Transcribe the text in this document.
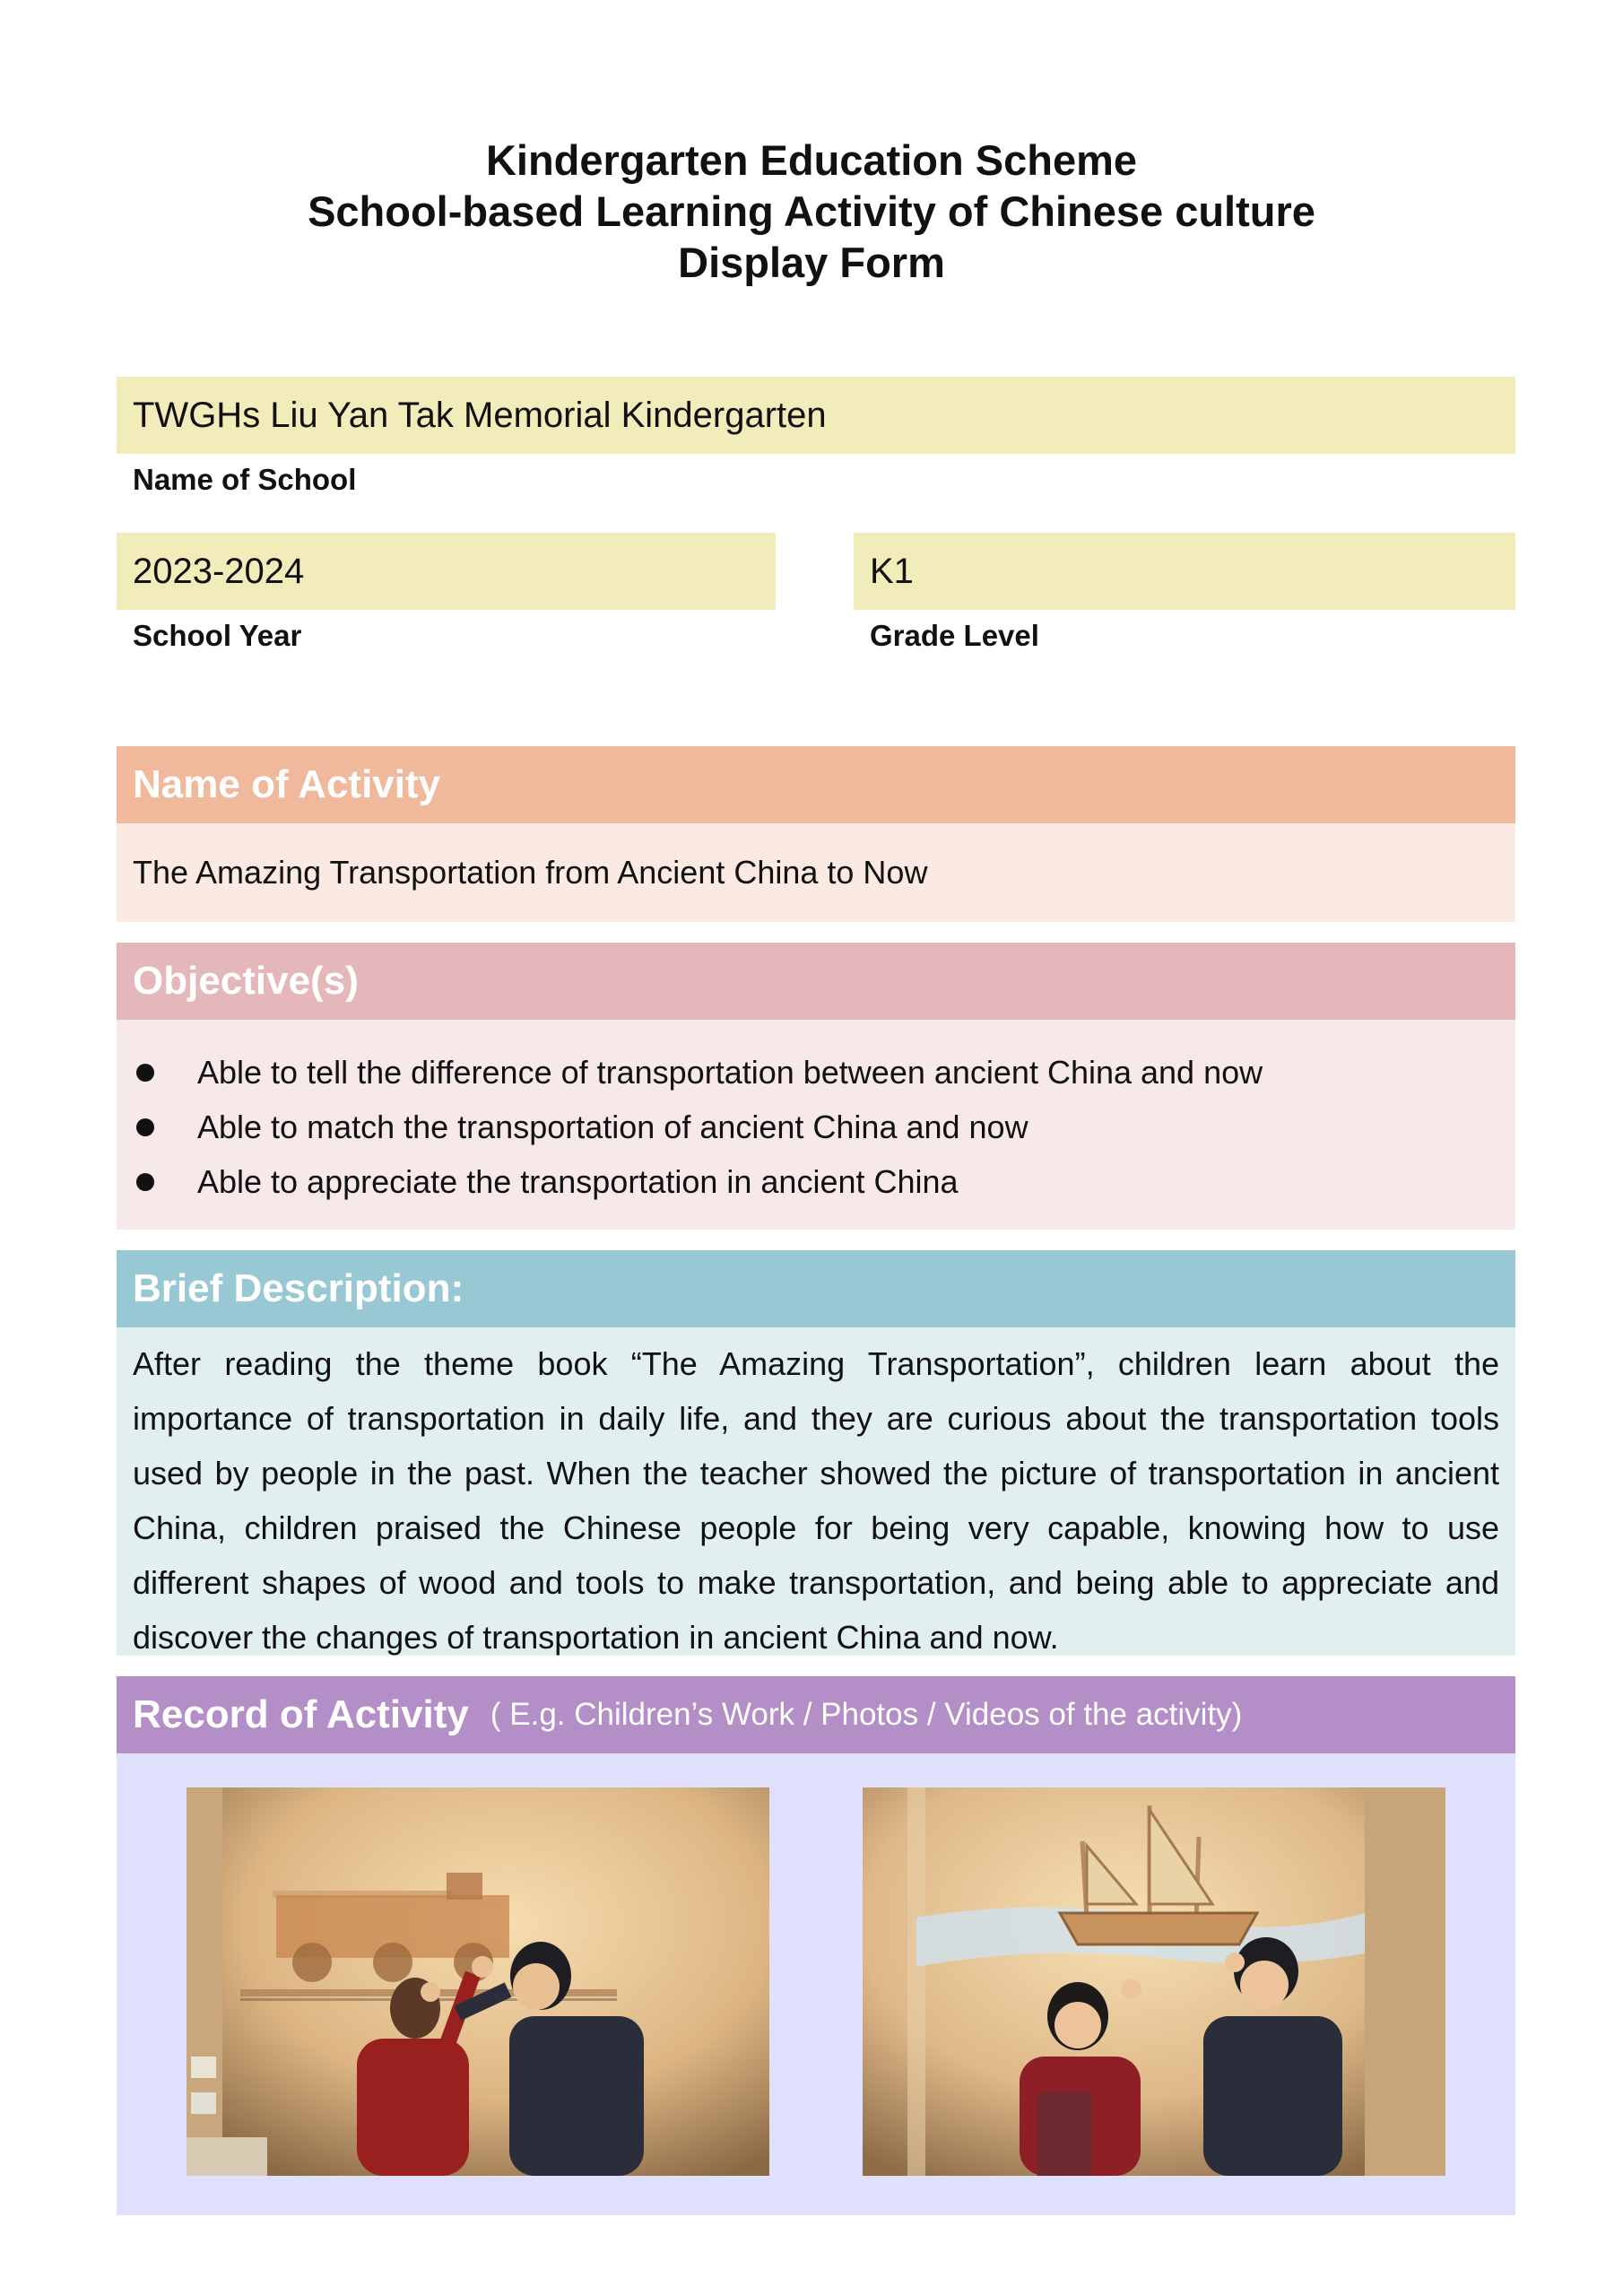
Kindergarten Education Scheme
School-based Learning Activity of Chinese culture
Display Form
TWGHs Liu Yan Tak Memorial Kindergarten
Name of School
2023-2024
School Year
K1
Grade Level
Name of Activity
The Amazing Transportation from Ancient China to Now
Objective(s)
Able to tell the difference of transportation between ancient China and now
Able to match the transportation of ancient China and now
Able to appreciate the transportation in ancient China
Brief Description:
After reading the theme book “The Amazing Transportation”, children learn about the importance of transportation in daily life, and they are curious about the transportation tools used by people in the past. When the teacher showed the picture of transportation in ancient China, children praised the Chinese people for being very capable, knowing how to use different shapes of wood and tools to make transportation, and being able to appreciate and discover the changes of transportation in ancient China and now.
Record of Activity ( E.g. Children’s Work / Photos / Videos of the activity)
